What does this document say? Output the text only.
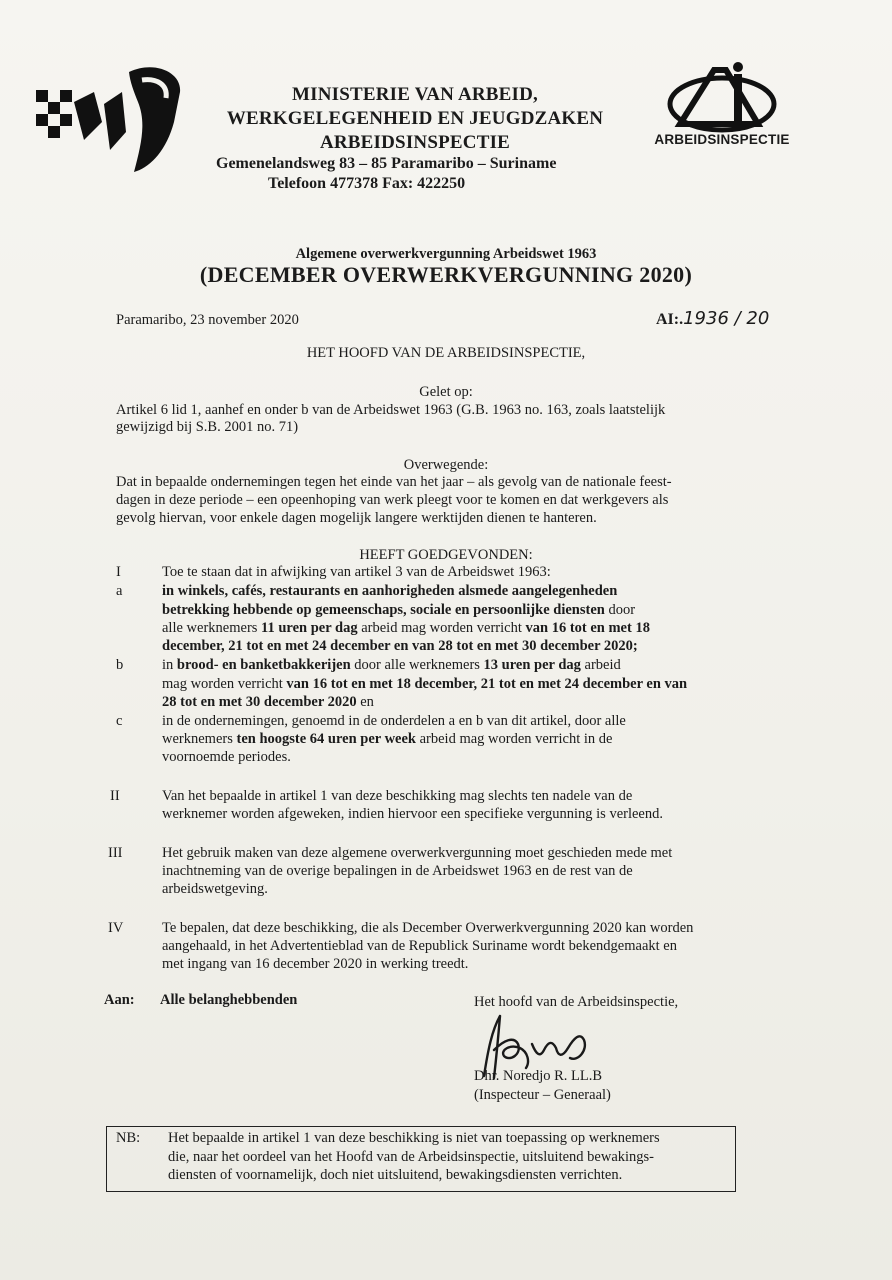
MINISTERIE VAN ARBEID,
WERKGELEGENHEID EN JEUGDZAKEN
ARBEIDSINSPECTIE
Gemenelandsweg 83 – 85 Paramaribo – Suriname
Telefoon 477378 Fax: 422250
ARBEIDSINSPECTIE
Algemene overwerkvergunning Arbeidswet 1963
(DECEMBER OVERWERKVERGUNNING 2020)
Paramaribo, 23 november 2020	AI:.1936 / 20
HET HOOFD VAN DE ARBEIDSINSPECTIE,
Gelet op:
Artikel 6 lid 1, aanhef en onder b van de Arbeidswet 1963 (G.B. 1963 no. 163, zoals laatstelijk
gewijzigd bij S.B. 2001 no. 71)
Overwegende:
Dat in bepaalde ondernemingen tegen het einde van het jaar – als gevolg van de nationale feest-
dagen in deze periode – een opeenhoping van werk pleegt voor te komen en dat werkgevers als
gevolg hiervan, voor enkele dagen mogelijk langere werktijden dienen te hanteren.
HEEFT GOEDGEVONDEN:
I	Toe te staan dat in afwijking van artikel 3 van de Arbeidswet 1963:
a	in winkels, cafés, restaurants en aanhorigheden alsmede aangelegenheden
betrekking hebbende op gemeenschaps, sociale en persoonlijke diensten door
alle werknemers 11 uren per dag arbeid mag worden verricht van 16 tot en met 18
december, 21 tot en met 24 december en van 28 tot en met 30 december 2020;
b	in brood- en banketbakkerijen door alle werknemers 13 uren per dag arbeid
mag worden verricht van 16 tot en met 18 december, 21 tot en met 24 december en van
28 tot en met 30 december 2020 en
c	in de ondernemingen, genoemd in de onderdelen a en b van dit artikel, door alle
werknemers ten hoogste 64 uren per week arbeid mag worden verricht in de
voornoemde periodes.
II	Van het bepaalde in artikel 1 van deze beschikking mag slechts ten nadele van de
werknemer worden afgeweken, indien hiervoor een specifieke vergunning is verleend.
III	Het gebruik maken van deze algemene overwerkvergunning moet geschieden mede met
inachtneming van de overige bepalingen in de Arbeidswet 1963 en de rest van de
arbeidswetgeving.
IV	Te bepalen, dat deze beschikking, die als December Overwerkvergunning 2020 kan worden
aangehaald, in het Advertentieblad van de Republick Suriname wordt bekendgemaakt en
met ingang van 16 december 2020 in werking treedt.
Aan: Alle belanghebbenden	Het hoofd van de Arbeidsinspectie,
Dhr. Noredjo R. LL.B
(Inspecteur – Generaal)
NB: Het bepaalde in artikel 1 van deze beschikking is niet van toepassing op werknemers
die, naar het oordeel van het Hoofd van de Arbeidsinspectie, uitsluitend bewakings-
diensten of voornamelijk, doch niet uitsluitend, bewakingsdiensten verrichten.
